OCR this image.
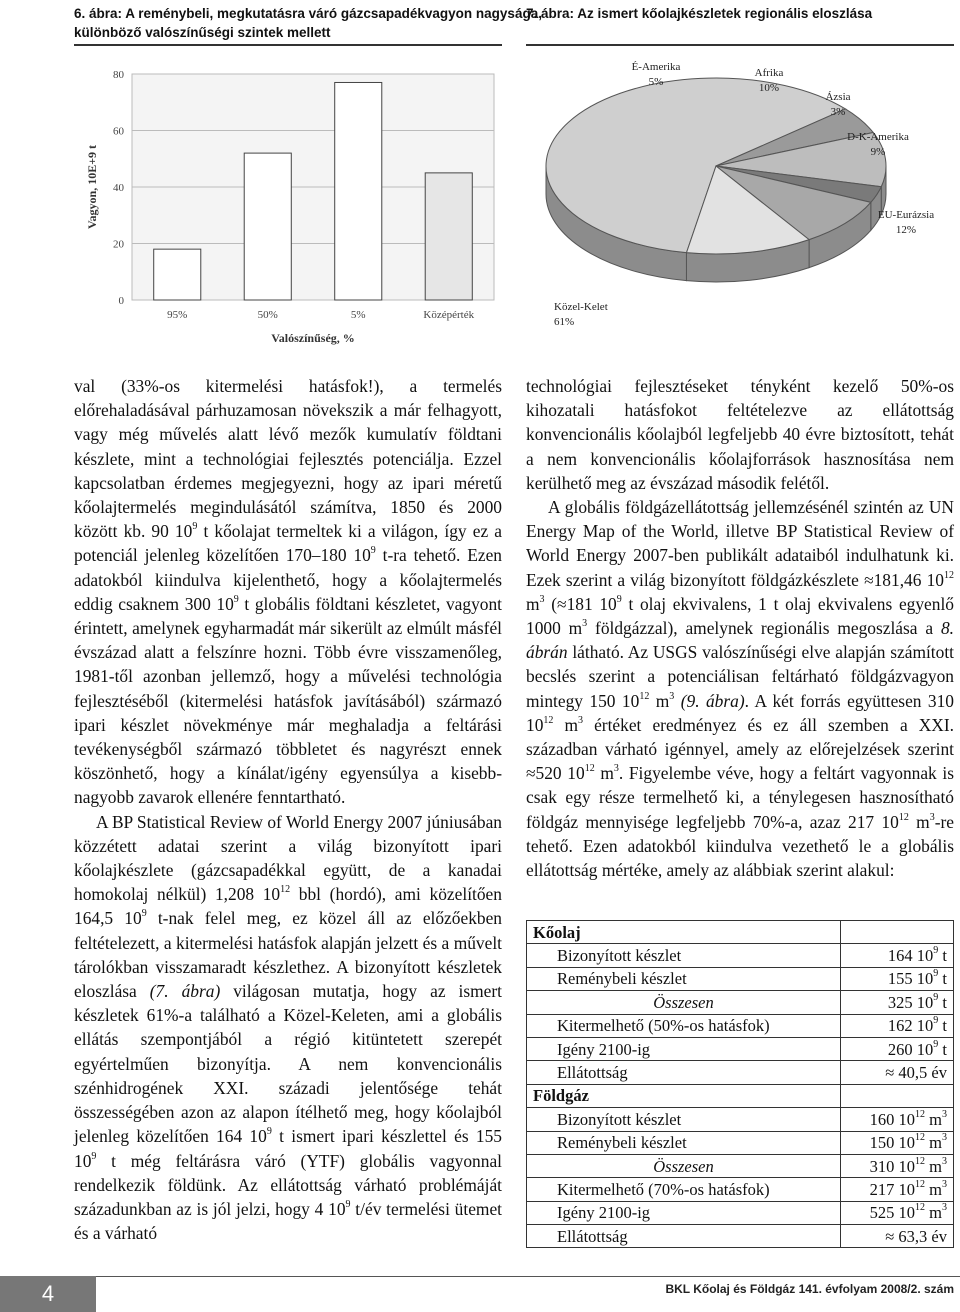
6. ábra: A reménybeli, megkutatásra váró gázcsapadékvagyon nagysága,
különböző valószínűségi szintek mellett
7. ábra: Az ismert kőolajkészletek regionális eloszlása
0
20
40
60
80
95%	50%	5%	Középérték
Valószínűség, %
Vagyon, 10E+9 t
Közel-Kelet
61%
É-Amerika
5%
Afrika
10%
Ázsia
3%
D-K-Amerika
9%
EU-Eurázsia
12%

val (33%-os kitermelési hatásfok!), a termelés előrehaladásával párhuzamosan növekszik a már felhagyott, vagy még művelés alatt lévő mezők kumulatív földtani készlete, mint a technológiai fejlesztés potenciálja. Ezzel kapcsolatban érdemes megjegyezni, hogy az ipari méretű kőolajtermelés megindulásától számítva, 1850 és 2000 között kb. 90 $10^9$ t kőolajat termeltek ki a világon, így ez a potenciál jelenleg közelítően 170–180 $10^9$ t-ra tehető. Ezen adatokból kiindulva kijelenthető, hogy a kőolajtermelés eddig csaknem 300 $10^9$ t globális földtani készletet, vagyont érintett, amelynek egyharmadát már sikerült az elmúlt másfél évszázad alatt a felszínre hozni. Több évre visszamenőleg, 1981-től azonban jellemző, hogy a művelési technológia fejlesztéséből (kitermelési hatásfok javításából) származó ipari készlet növekménye már meghaladja a feltárási tevékenységből származó többletet és nagyrészt ennek köszönhető, hogy a kínálat/igény egyensúlya a kisebb-nagyobb zavarok ellenére fenntartható.

A BP Statistical Review of World Energy 2007 júniusában közzétett adatai szerint a világ bizonyított ipari kőolajkészlete (gázcsapadékkal együtt, de a kanadai homokolaj nélkül) 1,208 $10^{12}$ bbl (hordó), ami közelítően 164,5 $10^9$ t-nak felel meg, ez közel áll az előzőekben feltételezett, a kitermelési hatásfok alapján jelzett és a művelt tárolókban visszamaradt készlethez. A bizonyított készletek eloszlása (7. ábra) világosan mutatja, hogy az ismert készletek 61%-a található a Közel-Keleten, ami a globális ellátás szempontjából a régió kitüntetett szerepét egyértelműen bizonyítja. A nem konvencionális szénhidrogének XXI. századi jelentősége tehát összességében azon az alapon ítélhető meg, hogy kőolajból jelenleg közelítően 164 $10^9$ t ismert ipari készlettel és 155 $10^9$ t még feltárásra váró (YTF) globális vagyonnal rendelkezik földünk. Az ellátottság várható problémáját századunkban az is jól jelzi, hogy 4 $10^9$ t/év termelési ütemet és a várható

technológiai fejlesztéseket tényként kezelő 50%-os kihozatali hatásfokot feltételezve az ellátottság konvencionális kőolajból legfeljebb 40 évre biztosított, tehát a nem konvencionális kőolajforrások hasznosítása nem kerülhető meg az évszázad második felétől.

A globális földgázellátottság jellemzésénél szintén az UN Energy Map of the World, illetve BP Statistical Review of World Energy 2007-ben publikált adataiból indulhatunk ki. Ezek szerint a világ bizonyított földgázkészlete ≈181,46 $10^{12}$ $m^3$ (≈181 $10^9$ t olaj ekvivalens, 1 t olaj ekvivalens egyenlő 1000 $m^3$ földgázzal), amelynek regionális megoszlása a 8. ábrán látható. Az USGS valószínűségi elve alapján számított becslés szerint a potenciálisan feltárható földgázvagyon mintegy 150 $10^{12}$ $m^3$ (9. ábra). A két forrás együttesen 310 $10^{12}$ $m^3$ értéket eredményez és ez áll szemben a XXI. században várható igénnyel, amely az előrejelzések szerint ≈520 $10^{12}$ $m^3$. Figyelembe véve, hogy a feltárt vagyonnak is csak egy része termelhető ki, a ténylegesen hasznosítható földgáz mennyisége legfeljebb 70%-a, azaz 217 $10^{12}$ $m^3-re$ tehető. Ezen adatokból kiindulva vezethető le a globális ellátottság mértéke, amely az alábbiak szerint alakul:

Kőolaj	
Bizonyított készlet	164 $10^9$ t
Reménybeli készlet	155 $10^9$ t
Összesen	325 $10^9$ t
Kitermelhető (50%-os hatásfok)	162 $10^9$ t
Igény 2100-ig	260 $10^9$ t
Ellátottság	≈ 40,5 év
Földgáz	
Bizonyított készlet	160 $10^{12}$ $m^3$
Reménybeli készlet	150 $10^{12}$ $m^3$
Összesen	310 $10^{12}$ $m^3$
Kitermelhető (70%-os hatásfok)	217 $10^{12}$ $m^3$
Igény 2100-ig	525 $10^{12}$ $m^3$
Ellátottság	≈ 63,3 év
4	BKL Kőolaj és Földgáz 141. évfolyam 2008/2. szám
